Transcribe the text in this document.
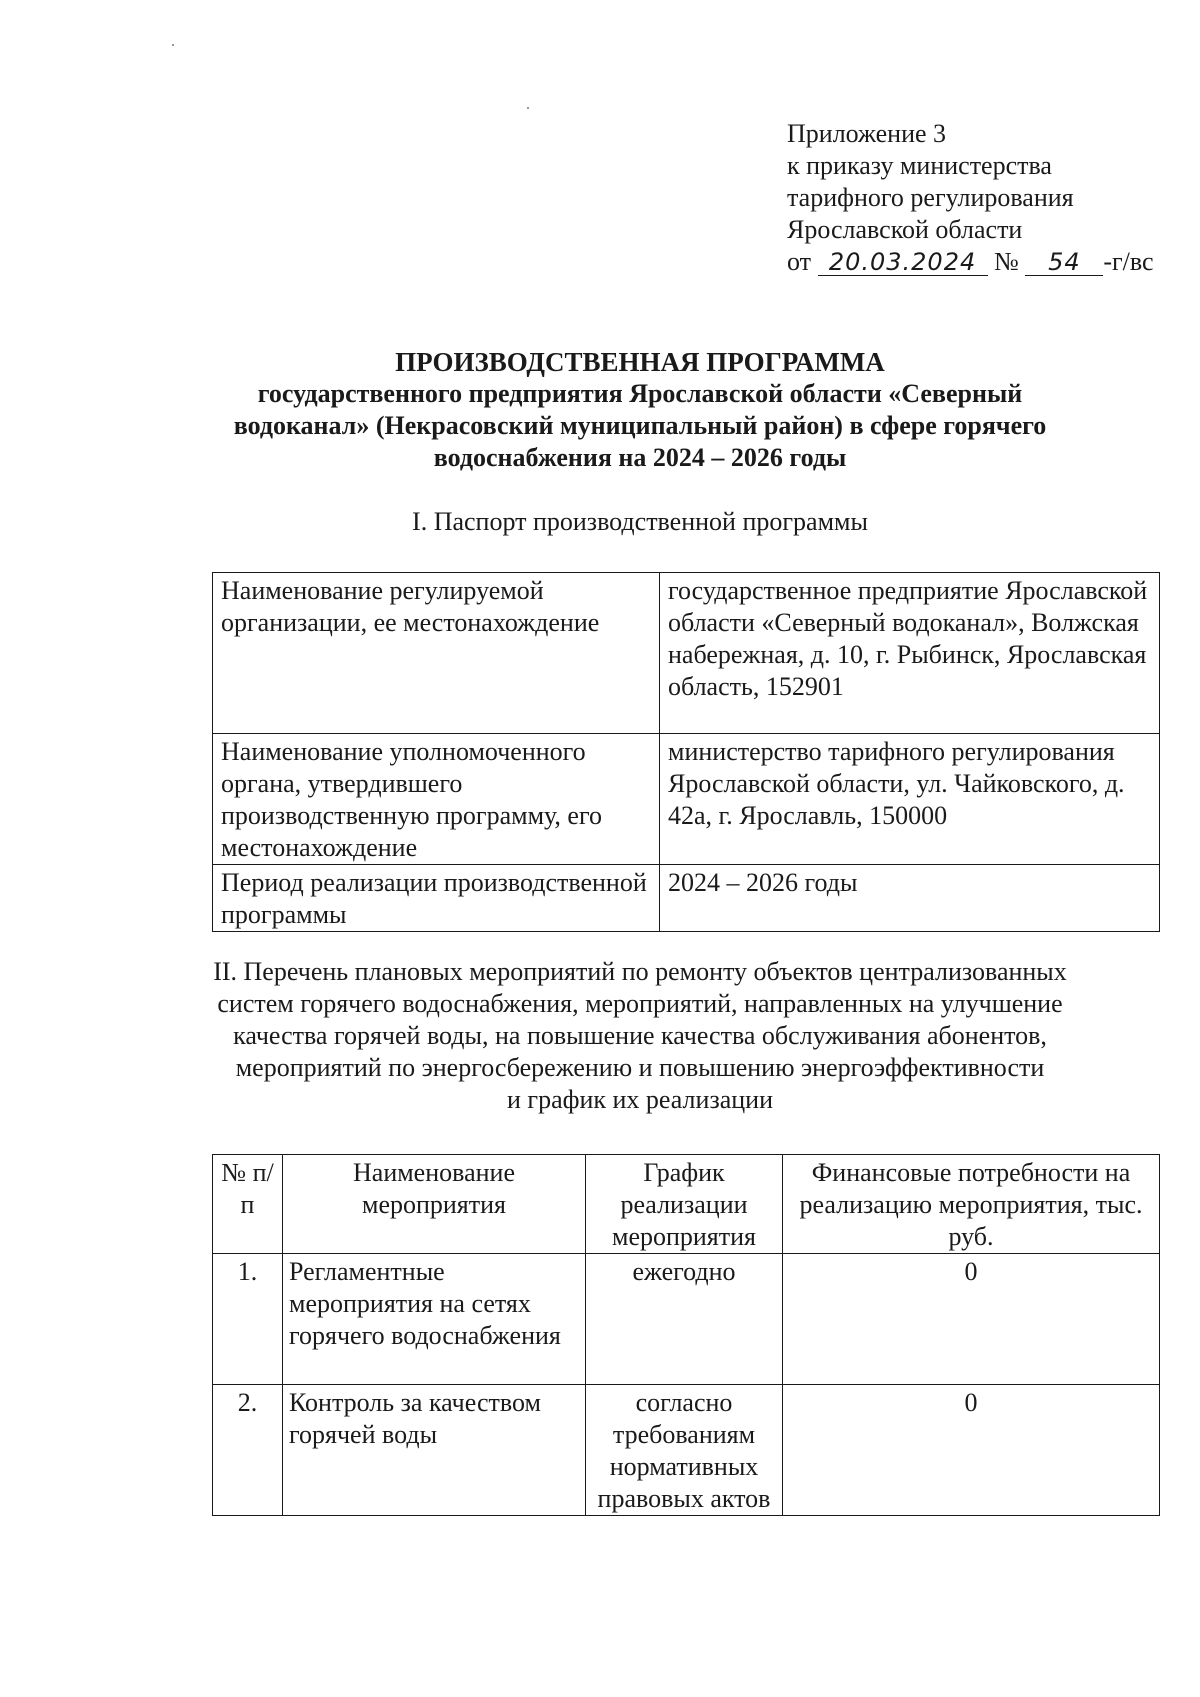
Приложение 3
к приказу министерства
тарифного регулирования
Ярославской области
от 20.03.2024 № 54 -г/вс
ПРОИЗВОДСТВЕННАЯ ПРОГРАММА
государственного предприятия Ярославской области «Северный
водоканал» (Некрасовский муниципальный район) в сфере горячего
водоснабжения на 2024 – 2026 годы
I. Паспорт производственной программы
Наименование регулируемой организации, ее местонахождение	государственное предприятие Ярославской области «Северный водоканал», Волжская набережная, д. 10, г. Рыбинск, Ярославская область, 152901
Наименование уполномоченного органа, утвердившего производственную программу, его местонахождение	министерство тарифного регулирования Ярославской области, ул. Чайковского, д. 42а, г. Ярославль, 150000
Период реализации производственной программы	2024 – 2026 годы
II. Перечень плановых мероприятий по ремонту объектов централизованных
систем горячего водоснабжения, мероприятий, направленных на улучшение
качества горячей воды, на повышение качества обслуживания абонентов,
мероприятий по энергосбережению и повышению энергоэффективности
и график их реализации
№ п/п	Наименование мероприятия	График реализации мероприятия	Финансовые потребности на реализацию мероприятия, тыс. руб.
1.	Регламентные мероприятия на сетях горячего водоснабжения	ежегодно	0
2.	Контроль за качеством горячей воды	согласно требованиям нормативных правовых актов	0
